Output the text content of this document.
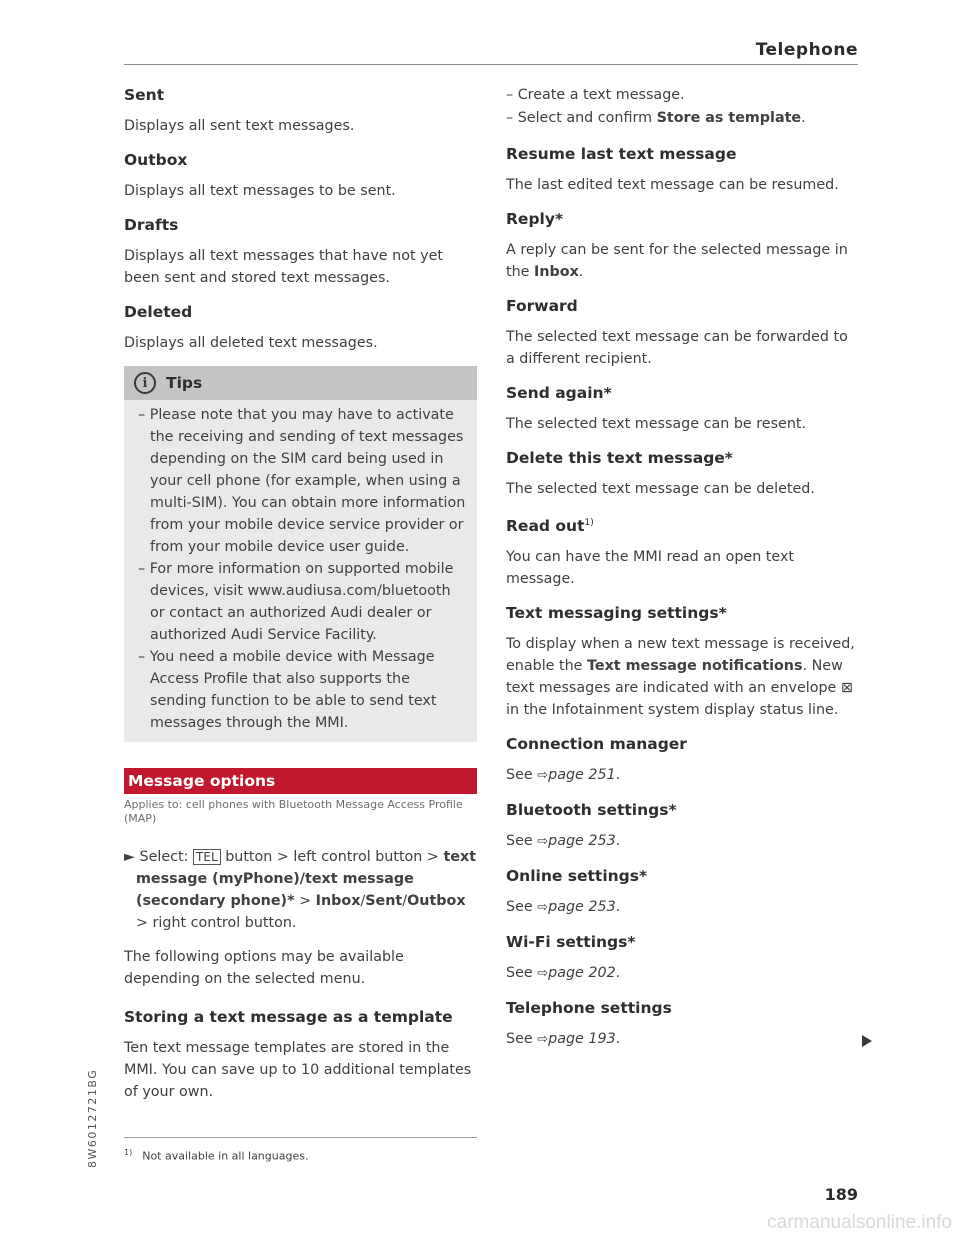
Telephone
Sent

Displays all sent text messages.

Outbox

Displays all text messages to be sent.

Drafts

Displays all text messages that have not yet been sent and stored text messages.

Deleted

Displays all deleted text messages.

i	Tips
– Please note that you may have to activate the receiving and sending of text messages depending on the SIM card being used in your cell phone (for example, when using a multi-SIM). You can obtain more information from your mobile device service provider or from your mobile device user guide.
– For more information on supported mobile devices, visit www.audiusa.com/bluetooth or contact an authorized Audi dealer or authorized Audi Service Facility.
– You need a mobile device with Message Access Profile that also supports the sending function to be able to send text messages through the MMI.
Message options
Applies to: cell phones with Bluetooth Message Access Profile (MAP)
► Select: TEL button > left control button > text message (myPhone)/text message (secondary phone)* > Inbox/Sent/Outbox > right control button.

The following options may be available depending on the selected menu.

Storing a text message as a template

Ten text message templates are stored in the MMI. You can save up to 10 additional templates of your own.

– Create a text message.
– Select and confirm Store as template.
Resume last text message

The last edited text message can be resumed.

Reply*

A reply can be sent for the selected message in the Inbox.

Forward

The selected text message can be forwarded to a different recipient.

Send again*

The selected text message can be resent.

Delete this text message*

The selected text message can be deleted.

Read out$^{1)}$

You can have the MMI read an open text message.

Text messaging settings*

To display when a new text message is received, enable the Text message notifications. New text messages are indicated with an envelope ⊠ in the Infotainment system display status line.

Connection manager

See ⇨page 251.

Bluetooth settings*

See ⇨page 253.

Online settings*

See ⇨page 253.

Wi-Fi settings*

See ⇨page 202.

Telephone settings

See ⇨page 193.

$^{1)}$ Not available in all languages.
8W6012721BG
189
carmanualsonline.info
